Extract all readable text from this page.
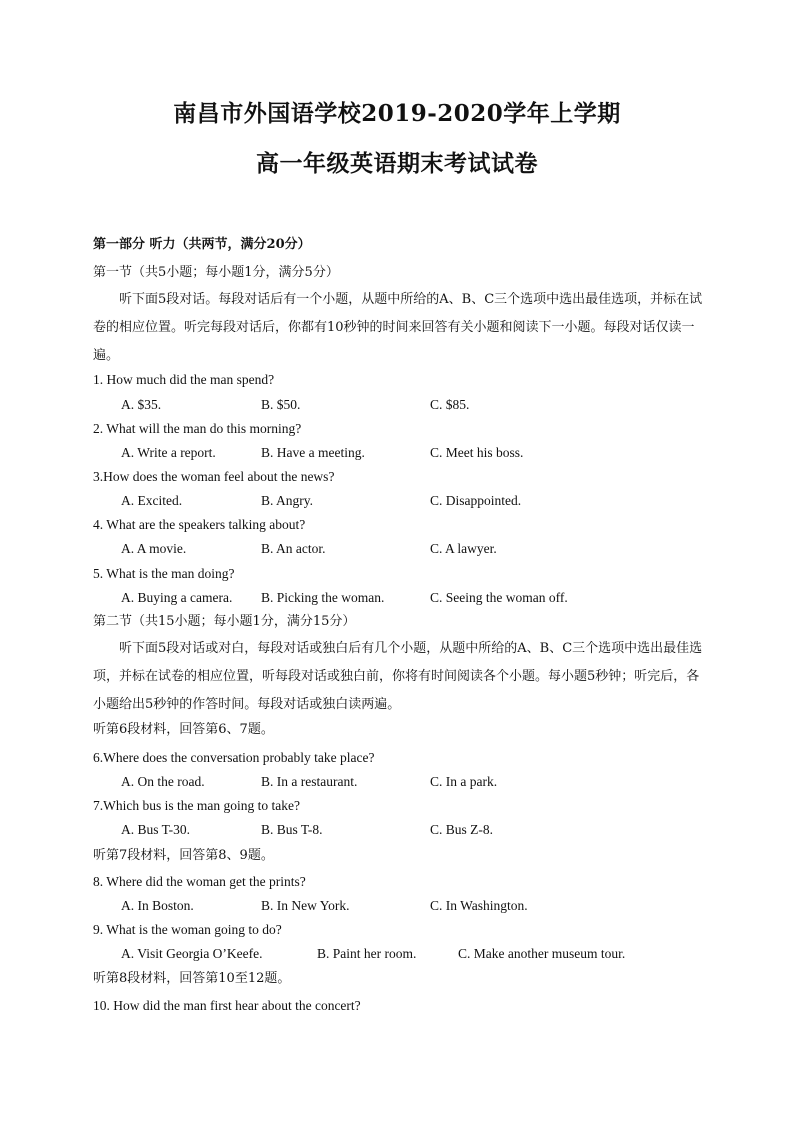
南昌市外国语学校2019-2020学年上学期
高一年级英语期末考试试卷
第一部分 听力（共两节，满分20分）
第一节（共5小题；每小题1分，满分5分）
听下面5段对话。每段对话后有一个小题，从题中所给的A、B、C三个选项中选出最佳选项，并标在试卷的相应位置。听完每段对话后，你都有10秒钟的时间来回答有关小题和阅读下一小题。每段对话仅读一遍。
1. How much did the man spend?
A. $35.	B. $50.	C. $85.
2. What will the man do this morning?
A. Write a report.	B. Have a meeting.	C. Meet his boss.
3.How does the woman feel about the news?
A. Excited.	B. Angry.	C. Disappointed.
4. What are the speakers talking about?
A. A movie.	B. An actor.	C. A lawyer.
5. What is the man doing?
A. Buying a camera. B. Picking the woman.	C. Seeing the woman off.
第二节（共15小题；每小题1分，满分15分）
听下面5段对话或对白，每段对话或独白后有几个小题，从题中所给的A、B、C三个选项中选出最佳选项，并标在试卷的相应位置，听每段对话或独白前，你将有时间阅读各个小题。每小题5秒钟；听完后，各小题给出5秒钟的作答时间。每段对话或独白读两遍。
听第6段材料，回答第6、7题。
6.Where does the conversation probably take place?
A. On the road.	B. In a restaurant.	C. In a park.
7.Which bus is the man going to take?
A. Bus T-30.	B. Bus T-8.	C. Bus Z-8.
听第7段材料，回答第8、9题。
8. Where did the woman get the prints?
A. In Boston.	B. In New York.	C. In Washington.
9. What is the woman going to do?
A. Visit Georgia O’Keefe.	B. Paint her room.	C. Make another museum tour.
听第8段材料，回答第10至12题。
10. How did the man first hear about the concert?
